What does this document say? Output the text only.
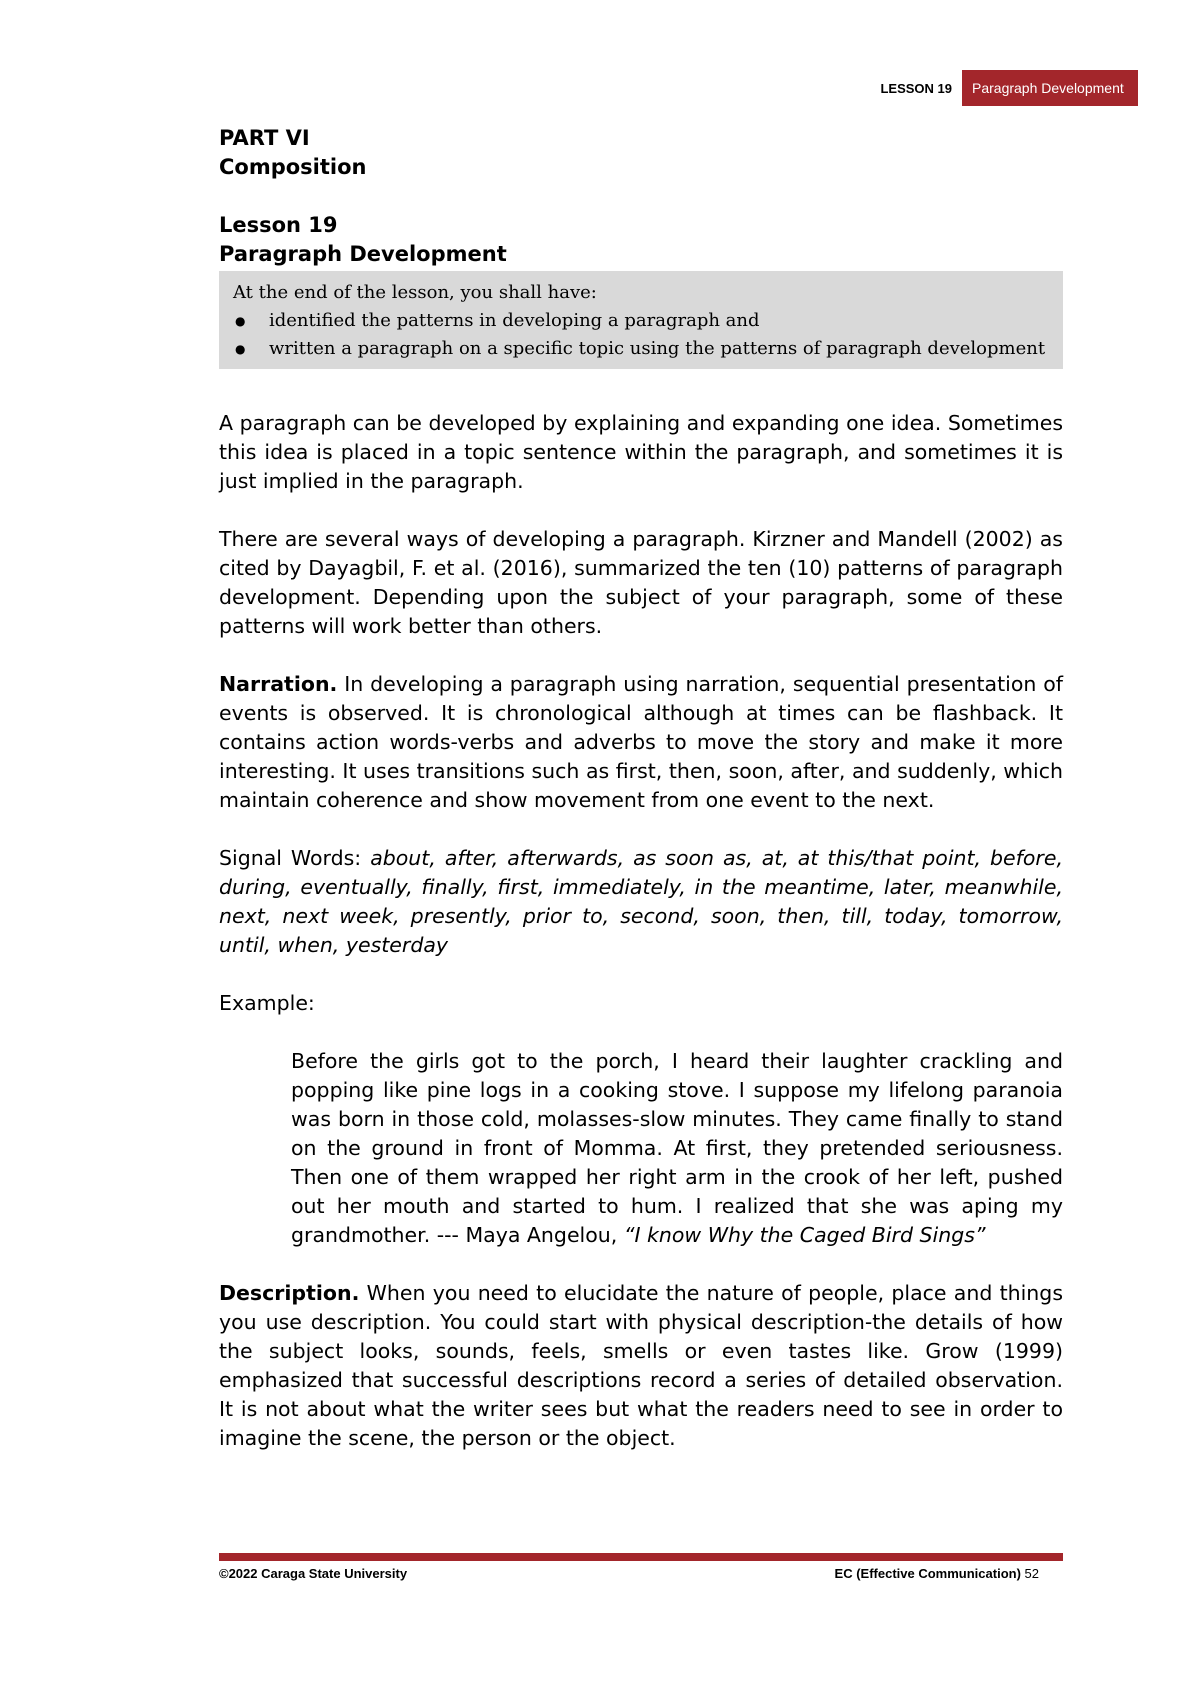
LESSON 19	Paragraph Development
PART VI
Composition
Lesson 19
Paragraph Development
At the end of the lesson, you shall have:
● identified the patterns in developing a paragraph and
● written a paragraph on a specific topic using the patterns of paragraph development

A paragraph can be developed by explaining and expanding one idea. Sometimes this idea is placed in a topic sentence within the paragraph, and sometimes it is just implied in the paragraph.

There are several ways of developing a paragraph. Kirzner and Mandell (2002) as cited by Dayagbil, F. et al. (2016), summarized the ten (10) patterns of paragraph development. Depending upon the subject of your paragraph, some of these patterns will work better than others.

Narration. In developing a paragraph using narration, sequential presentation of events is observed. It is chronological although at times can be flashback. It contains action words-verbs and adverbs to move the story and make it more interesting. It uses transitions such as first, then, soon, after, and suddenly, which maintain coherence and show movement from one event to the next.

Signal Words: about, after, afterwards, as soon as, at, at this/that point, before, during, eventually, finally, first, immediately, in the meantime, later, meanwhile, next, next week, presently, prior to, second, soon, then, till, today, tomorrow, until, when, yesterday

Example:

Before the girls got to the porch, I heard their laughter crackling and popping like pine logs in a cooking stove. I suppose my lifelong paranoia was born in those cold, molasses-slow minutes. They came finally to stand on the ground in front of Momma. At first, they pretended seriousness. Then one of them wrapped her right arm in the crook of her left, pushed out her mouth and started to hum. I realized that she was aping my grandmother. --- Maya Angelou, “I know Why the Caged Bird Sings”

Description. When you need to elucidate the nature of people, place and things you use description. You could start with physical description-the details of how the subject looks, sounds, feels, smells or even tastes like. Grow (1999) emphasized that successful descriptions record a series of detailed observation. It is not about what the writer sees but what the readers need to see in order to imagine the scene, the person or the object.

©2022 Caraga State University	EC (Effective Communication) 52
